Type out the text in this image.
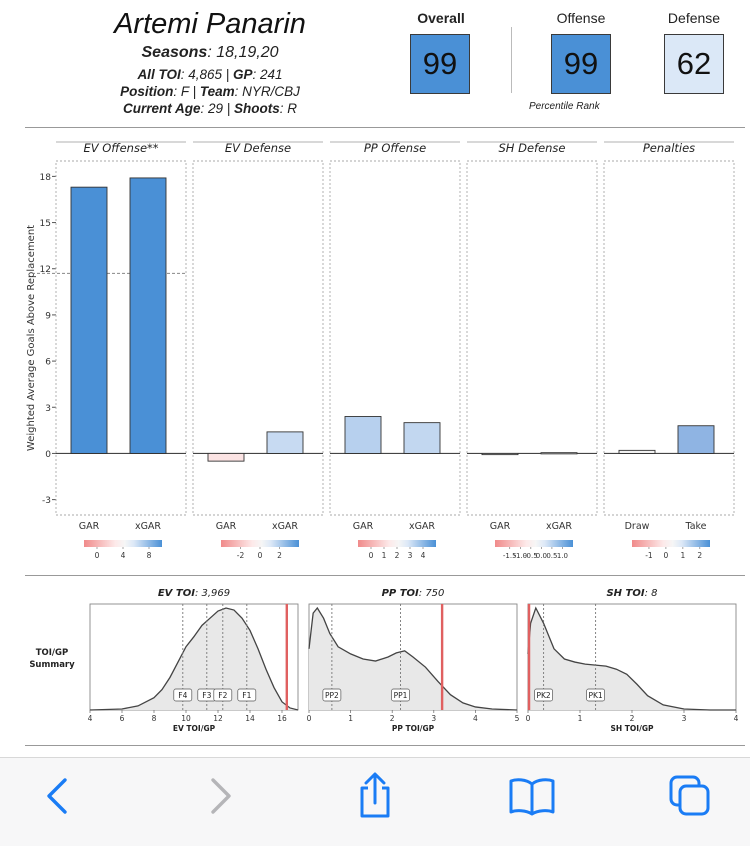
Artemi Panarin
Seasons: 18,19,20
All TOI: 4,865 | GP: 241
Position: F | Team: NYR/CBJ
Current Age: 29 | Shoots: R
Overall
99
Offense
99
Percentile Rank
Defense
62
Weighted Average Goals Above Replacement
-3
0
3
6
9
12
15
18
EV Offense**
GAR	xGAR
0	4	8
EV Defense
GAR	xGAR
-2 0 2
PP Offense
GAR	xGAR
0 1 2 3 4
SH Defense
GAR	xGAR
-1.5
-1.0
-0.5
0.0 0.5 1.0
Penalties
Draw	Take
-1 0 1 2
TOI/GP
Summary
EV TOI: 3,969
F4 F3 F2 F1
4	6	8	10	12	14	16
EV TOI/GP
PP TOI: 750
PP2	PP1
0	1	2	3	4	5
PP TOI/GP
SH TOI: 8
PK2	PK1
0	1	2	3	4
SH TOI/GP
